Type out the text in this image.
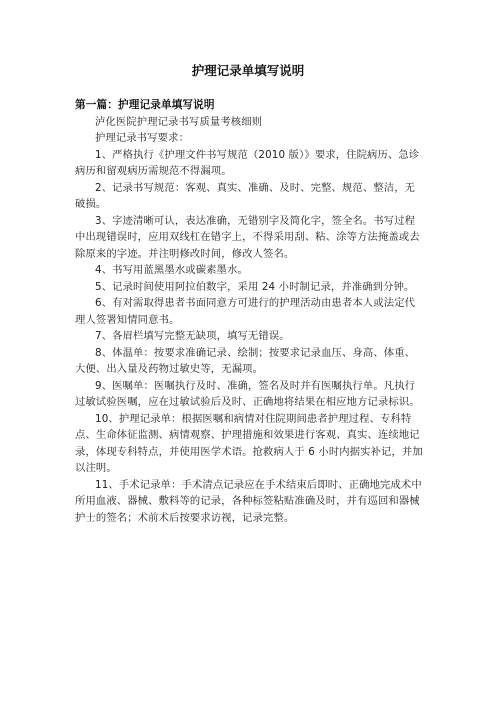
护理记录单填写说明

第一篇：护理记录单填写说明

泸化医院护理记录书写质量考核细则

护理记录书写要求：

1、严格执行《护理文件书写规范（2010 版）》要求，住院病历、急诊病历和留观病历需规范不得漏项。

2、记录书写规范：客观、真实、准确、及时、完整、规范、整洁，无破损。

3、字迹清晰可认，表达准确，无错别字及简化字，签全名。书写过程中出现错误时，应用双线杠在错字上，不得采用刮、粘、涂等方法掩盖或去除原来的字迹。并注明修改时间，修改人签名。

4、书写用蓝黑墨水或碳素墨水。

5、记录时间使用阿拉伯数字，采用 24 小时制记录，并准确到分钟。

6、有对需取得患者书面同意方可进行的护理活动由患者本人或法定代理人签署知情同意书。

7、各眉栏填写完整无缺项，填写无错误。

8、体温单：按要求准确记录、绘制；按要求记录血压、身高、体重、大便、出入量及药物过敏史等，无漏项。

9、医嘱单：医嘱执行及时、准确，签名及时并有医嘱执行单。凡执行过敏试验医嘱，应在过敏试验后及时、正确地将结果在相应地方记录标识。

10、护理记录单：根据医嘱和病情对住院期间患者护理过程、专科特点、生命体征监测、病情观察、护理措施和效果进行客观、真实、连续地记录，体现专科特点，并使用医学术语。抢救病人于 6 小时内据实补记，并加以注明。

11、手术记录单：手术清点记录应在手术结束后即时、正确地完成术中所用血液、器械、敷料等的记录，各种标签粘贴准确及时，并有巡回和器械护士的签名；术前术后按要求访视，记录完整。
